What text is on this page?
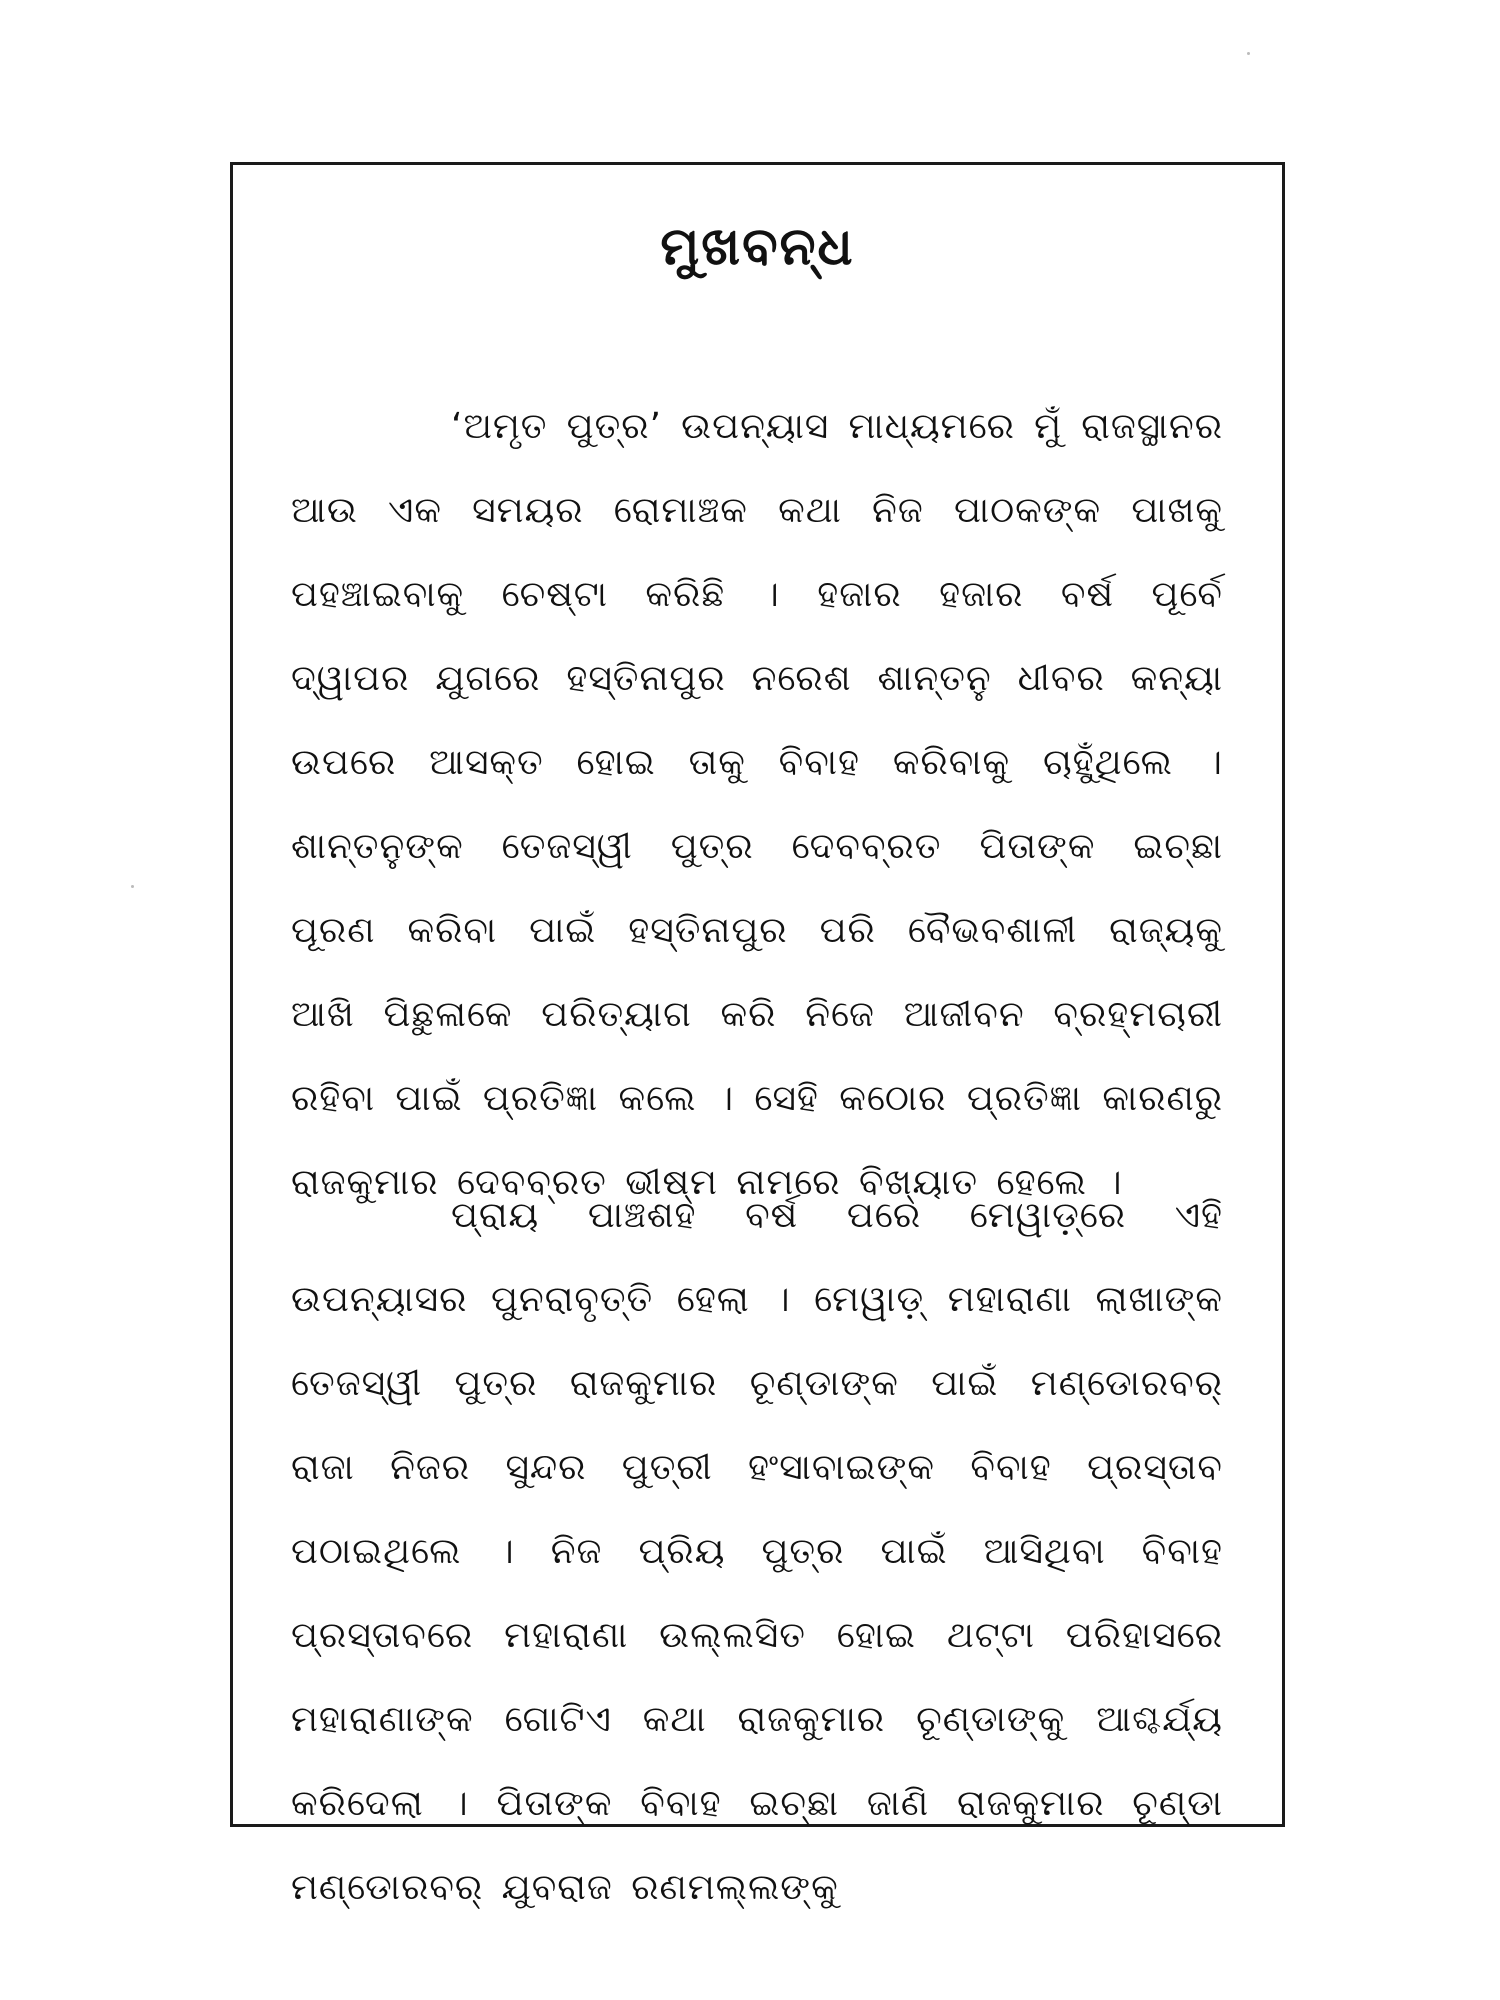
ମୁଖବନ୍ଧ

‘ଅମୃତ ପୁତ୍ର’ ଉପନ୍ୟାସ ମାଧ୍ୟମରେ ମୁଁ ରାଜସ୍ଥାନର ଆଉ ଏକ ସମୟର ରୋମାଞ୍ଚକ କଥା ନିଜ ପାଠକଙ୍କ ପାଖକୁ ପହଞ୍ଚାଇବାକୁ ଚେଷ୍ଟା କରିଛି । ହଜାର ହଜାର ବର୍ଷ ପୂର୍ବେ ଦ୍ୱାପର ଯୁଗରେ ହସ୍ତିନାପୁର ନରେଶ ଶାନ୍ତନୁ ଧୀବର କନ୍ୟା ଉପରେ ଆସକ୍ତ ହୋଇ ତାକୁ ବିବାହ କରିବାକୁ ଚାହୁଁଥିଲେ । ଶାନ୍ତନୁଙ୍କ ତେଜସ୍ୱୀ ପୁତ୍ର ଦେବବ୍ରତ ପିତାଙ୍କ ଇଚ୍ଛା ପୂରଣ କରିବା ପାଇଁ ହସ୍ତିନାପୁର ପରି ବୈଭବଶାଳୀ ରାଜ୍ୟକୁ ଆଖି ପିଛୁଳାକେ ପରିତ୍ୟାଗ କରି ନିଜେ ଆଜୀବନ ବ୍ରହ୍ମଚାରୀ ରହିବା ପାଇଁ ପ୍ରତିଜ୍ଞା କଲେ । ସେହି କଠୋର ପ୍ରତିଜ୍ଞା କାରଣରୁ ରାଜକୁମାର ଦେବବ୍ରତ ଭୀଷ୍ମ ନାମରେ ବିଖ୍ୟାତ ହେଲେ ।

ପ୍ରାୟ ପାଞ୍ଚଶହ ବର୍ଷ ପରେ ମେୱାଡ଼୍‌ରେ ଏହି ଉପନ୍ୟାସର ପୁନରାବୃତ୍ତି ହେଲା । ମେୱାଡ଼୍ ମହାରାଣା ଲାଖାଙ୍କ ତେଜସ୍ୱୀ ପୁତ୍ର ରାଜକୁମାର ଚୂଣ୍ଡାଙ୍କ ପାଇଁ ମଣ୍ଡୋରବର୍ ରାଜା ନିଜର ସୁନ୍ଦର ପୁତ୍ରୀ ହଂସାବାଇଙ୍କ ବିବାହ ପ୍ରସ୍ତାବ ପଠାଇଥିଲେ । ନିଜ ପ୍ରିୟ ପୁତ୍ର ପାଇଁ ଆସିଥିବା ବିବାହ ପ୍ରସ୍ତାବରେ ମହାରାଣା ଉଲ୍ଲସିତ ହୋଇ ଥଟ୍ଟା ପରିହାସରେ ମହାରାଣାଙ୍କ ଗୋଟିଏ କଥା ରାଜକୁମାର ଚୂଣ୍ଡାଙ୍କୁ ଆଶ୍ଚର୍ଯ୍ୟ କରିଦେଲା । ପିତାଙ୍କ ବିବାହ ଇଚ୍ଛା ଜାଣି ରାଜକୁମାର ଚୂଣ୍ଡା ମଣ୍ଡୋରବର୍ ଯୁବରାଜ ରଣମଲ୍ଲଙ୍କୁ
